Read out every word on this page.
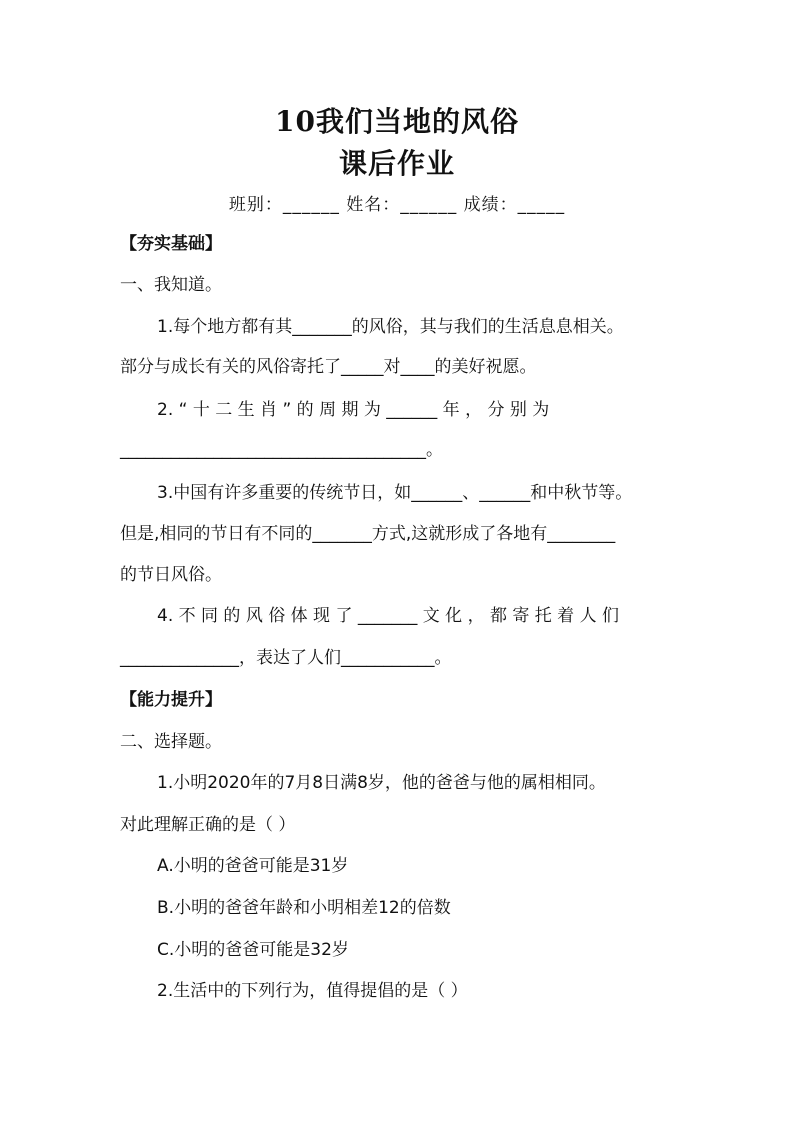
10我们当地的风俗
课后作业
班别：______ 姓名：______ 成绩：_____
【夯实基础】
一、我知道。
1.每个地方都有其_______的风俗，其与我们的生活息息相关。
部分与成长有关的风俗寄托了_____对____的美好祝愿。
2. “ 十 二 生 肖 ” 的 周 期 为 ______ 年 ， 分 别 为
____________________________________。
3.中国有许多重要的传统节日，如______、______和中秋节等。
但是,相同的节日有不同的_______方式,这就形成了各地有________
的节日风俗。
4. 不 同 的 风 俗 体 现 了 _______ 文 化 ， 都 寄 托 着 人 们
______________，表达了人们___________。
【能力提升】
二、选择题。
1.小明2020年的7月8日满8岁，他的爸爸与他的属相相同。
对此理解正确的是（ ）
A.小明的爸爸可能是31岁
B.小明的爸爸年龄和小明相差12的倍数
C.小明的爸爸可能是32岁
2.生活中的下列行为，值得提倡的是（ ）
